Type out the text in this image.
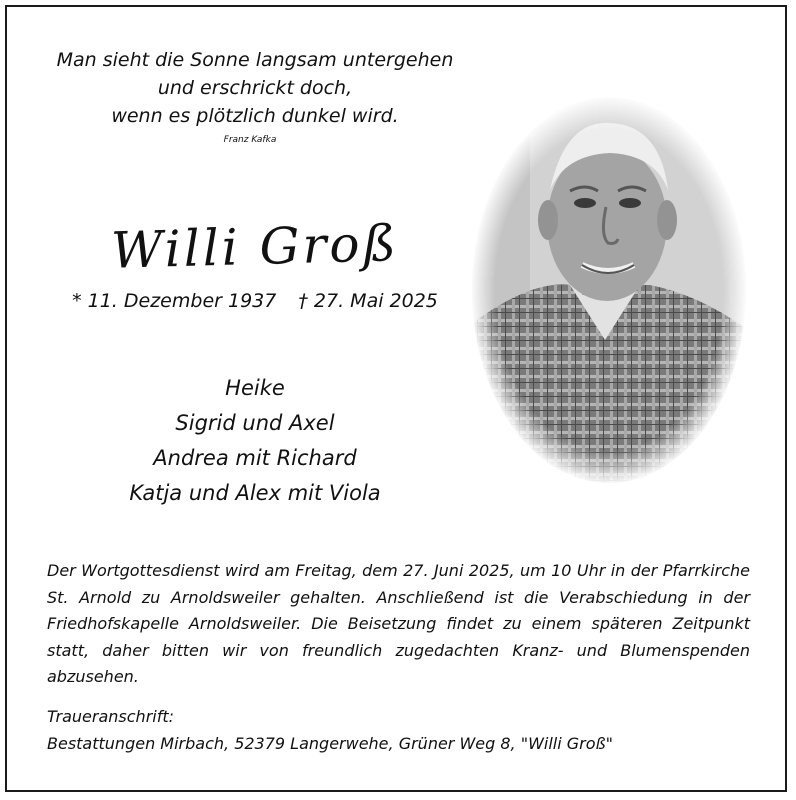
Man sieht die Sonne langsam untergehen
und erschrickt doch,
wenn es plötzlich dunkel wird.
Franz Kafka
Willi Groß
* 11. Dezember 1937 † 27. Mai 2025
Heike
Sigrid und Axel
Andrea mit Richard
Katja und Alex mit Viola
Der Wortgottesdienst wird am Freitag, dem 27. Juni 2025, um 10 Uhr in der Pfarrkirche St. Arnold zu Arnoldsweiler gehalten. Anschließend ist die Verabschiedung in der Friedhofskapelle Arnoldsweiler. Die Beisetzung findet zu einem späteren Zeitpunkt statt, daher bitten wir von freundlich zugedachten Kranz- und Blumenspenden abzusehen.
Traueranschrift:
Bestattungen Mirbach, 52379 Langerwehe, Grüner Weg 8, "Willi Groß"
